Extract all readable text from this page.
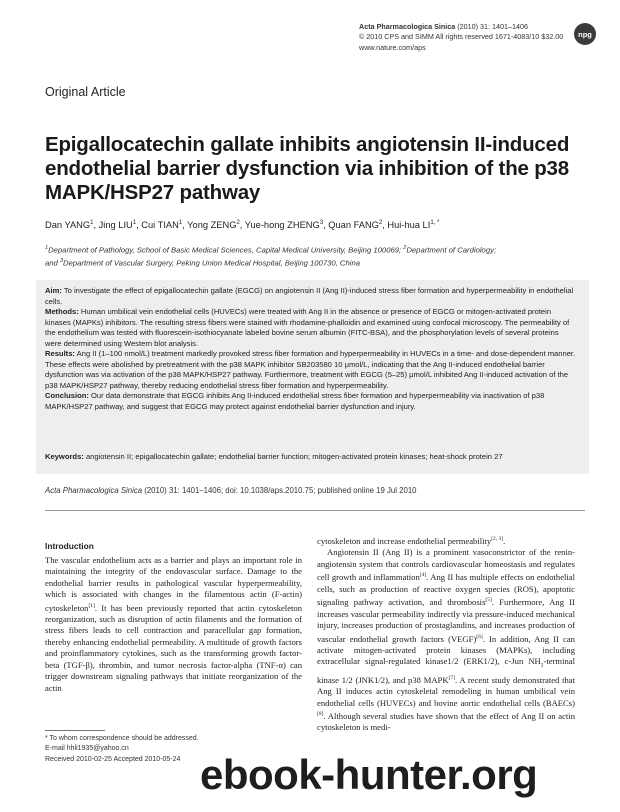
Acta Pharmacologica Sinica (2010) 31: 1401–1406
© 2010 CPS and SIMM All rights reserved 1671-4083/10 $32.00
www.nature.com/aps
npg
Original Article
Epigallocatechin gallate inhibits angiotensin II-induced endothelial barrier dysfunction via inhibition of the p38 MAPK/HSP27 pathway
Dan YANG$^1$, Jing LIU$^1$, Cui TIAN$^1$, Yong ZENG$^2$, Yue-hong ZHENG$^3$, Quan FANG$^2$, Hui-hua $LI^{1, *}$
$^1$Department of Pathology, School of Basic Medical Sciences, Capital Medical University, Beijing 100069; $^2$Department of Cardiology;
and $^3$Department of Vascular Surgery, Peking Union Medical Hospital, Beijing 100730, China

Aim: To investigate the effect of epigallocatechin gallate (EGCG) on angiotensin II (Ang II)-induced stress fiber formation and hyperpermeability in endothelial cells.

Methods: Human umbilical vein endothelial cells (HUVECs) were treated with Ang II in the absence or presence of EGCG or mitogen-activated protein kinases (MAPKs) inhibitors. The resulting stress fibers were stained with rhodamine-phalloidin and examined using confocal microscopy. The permeability of the endothelium was tested with fluorescein-isothiocyanate labeled bovine serum albumin (FITC-BSA), and the phosphorylation levels of several proteins were determined using Western blot analysis.

Results: Ang II (1–100 nmol/L) treatment markedly provoked stress fiber formation and hyperpermeability in HUVECs in a time- and dose-dependent manner. These effects were abolished by pretreatment with the p38 MAPK inhibitor SB203580 10 μmol/L, indicating that the Ang II-induced endothelial barrier dysfunction was via activation of the p38 MAPK/HSP27 pathway. Furthermore, treatment with EGCG (5–25) μmol/L inhibited Ang II-induced activation of the p38 MAPK/HSP27 pathway, thereby reducing endothelial stress fiber formation and hyperpermeability.

Conclusion: Our data demonstrate that EGCG inhibits Ang II-induced endothelial stress fiber formation and hyperpermeability via inactivation of p38 MAPK/HSP27 pathway, and suggest that EGCG may protect against endothelial barrier dysfunction and injury.

Keywords: angiotensin II; epigallocatechin gallate; endothelial barrier function; mitogen-activated protein kinases; heat-shock protein 27
Acta Pharmacologica Sinica (2010) 31: 1401–1406; doi: 10.1038/aps.2010.75; published online 19 Jul 2010
Introduction

The vascular endothelium acts as a barrier and plays an important role in maintaining the integrity of the endovascular surface. Damage to the endothelial barrier results in pathological vascular hyperpermeability, which is associated with changes in the filamentous actin (F-actin) cytoskeleton[1]. It has been previously reported that actin cytoskeleton reorganization, such as disruption of actin filaments and the formation of stress fibers leads to cell contraction and paracellular gap formation, thereby enhancing endothelial permeability. A multitude of growth factors and proinflammatory cytokines, such as the transforming growth factor-beta (TGF-β), thrombin, and tumor necrosis factor-alpha (TNF-α) can trigger downstream signaling pathways that initiate reorganization of the actin

cytoskeleton and increase endothelial permeability[2, 3].

Angiotensin II (Ang II) is a prominent vasoconstrictor of the renin-angiotensin system that controls cardiovascular homeostasis and regulates cell growth and inflammation[4]. Ang II has multiple effects on endothelial cells, such as production of reactive oxygen species (ROS), apoptotic signaling pathway activation, and thrombosis[5]. Furthermore, Ang II increases vascular permeability indirectly via pressure-induced mechanical injury, increases production of prostaglandins, and increases production of vascular endothelial growth factors (VEGF)[6]. In addition, Ang II can activate mitogen-activated protein kinases (MAPKs), including extracellular signal-regulated kinase1/2 (ERK1/2), c-Jun $NH_2$-terminal kinase 1/2 (JNK1/2), and p38 MAPK[7]. A recent study demonstrated that Ang II induces actin cytoskeletal remodeling in human umbilical vein endothelial cells (HUVECs) and bovine aortic endothelial cells (BAECs)[8]. Although several studies have shown that the effect of Ang II on actin cytoskeleton is medi-

* To whom correspondence should be addressed.
E-mail hhli1935@yahoo.cn
Received 2010-02-25 Accepted 2010-05-24 ebook-hunter.org
